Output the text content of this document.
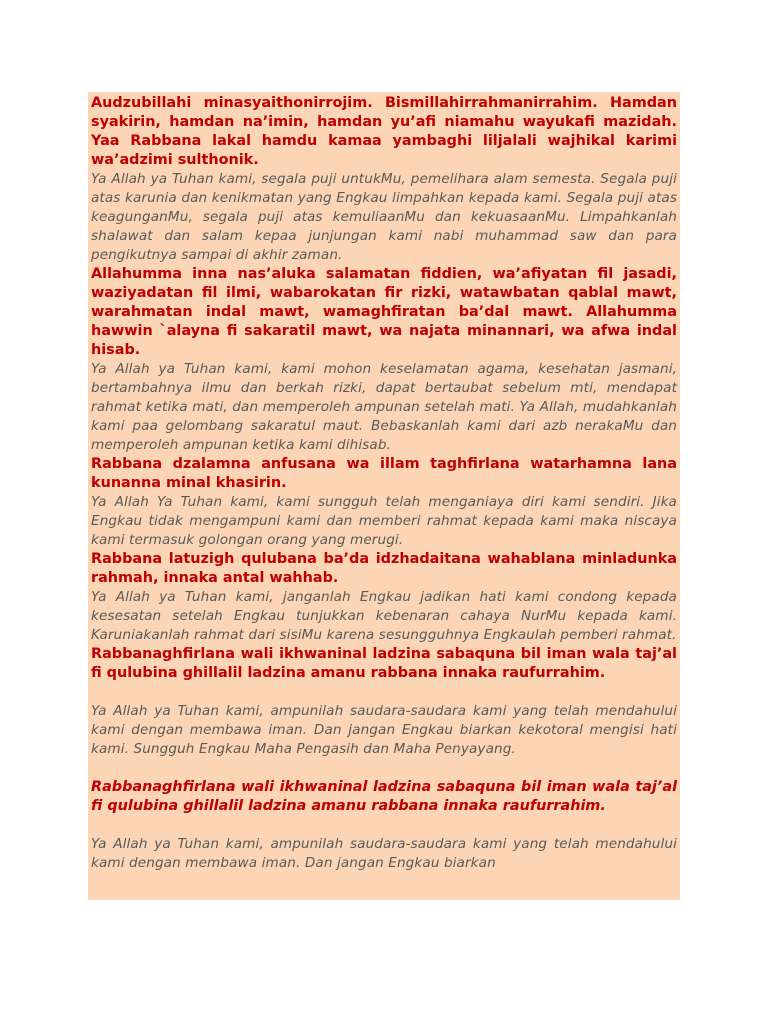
Audzubillahi minasyaithonirrojim. Bismillahirrahmanirrahim. Hamdan syakirin, hamdan na’imin, hamdan yu’afi niamahu wayukafi mazidah. Yaa Rabbana lakal hamdu kamaa yambaghi liljalali wajhikal karimi wa’adzimi sulthonik.

Ya Allah ya Tuhan kami, segala puji untukMu, pemelihara alam semesta. Segala puji atas karunia dan kenikmatan yang Engkau limpahkan kepada kami. Segala puji atas keagunganMu, segala puji atas kemuliaanMu dan kekuasaanMu. Limpahkanlah shalawat dan salam kepaa junjungan kami nabi muhammad saw dan para pengikutnya sampai di akhir zaman.

Allahumma inna nas’aluka salamatan fiddien, wa’afiyatan fil jasadi, waziyadatan fil ilmi, wabarokatan fir rizki, watawbatan qablal mawt, warahmatan indal mawt, wamaghfiratan ba’dal mawt. Allahumma hawwin `alayna fi sakaratil mawt, wa najata minannari, wa afwa indal hisab.

Ya Allah ya Tuhan kami, kami mohon keselamatan agama, kesehatan jasmani, bertambahnya ilmu dan berkah rizki, dapat bertaubat sebelum mti, mendapat rahmat ketika mati, dan memperoleh ampunan setelah mati. Ya Allah, mudahkanlah kami paa gelombang sakaratul maut. Bebaskanlah kami dari azb nerakaMu dan memperoleh ampunan ketika kami dihisab.

Rabbana dzalamna anfusana wa illam taghfirlana watarhamna lana kunanna minal khasirin.

Ya Allah Ya Tuhan kami, kami sungguh telah menganiaya diri kami sendiri. Jika Engkau tidak mengampuni kami dan memberi rahmat kepada kami maka niscaya kami termasuk golongan orang yang merugi.

Rabbana latuzigh qulubana ba’da idzhadaitana wahablana minladunka rahmah, innaka antal wahhab.

Ya Allah ya Tuhan kami, janganlah Engkau jadikan hati kami condong kepada kesesatan setelah Engkau tunjukkan kebenaran cahaya NurMu kepada kami. Karuniakanlah rahmat dari sisiMu karena sesungguhnya Engkaulah pemberi rahmat.

Rabbanaghfirlana wali ikhwaninal ladzina sabaquna bil iman wala taj’al fi qulubina ghillalil ladzina amanu rabbana innaka raufurrahim.

Ya Allah ya Tuhan kami, ampunilah saudara-saudara kami yang telah mendahului kami dengan membawa iman. Dan jangan Engkau biarkan kekotoral mengisi hati kami. Sungguh Engkau Maha Pengasih dan Maha Penyayang.

Rabbanaghfirlana wali ikhwaninal ladzina sabaquna bil iman wala taj’al fi qulubina ghillalil ladzina amanu rabbana innaka raufurrahim.

Ya Allah ya Tuhan kami, ampunilah saudara-saudara kami yang telah mendahului kami dengan membawa iman. Dan jangan Engkau biarkan
